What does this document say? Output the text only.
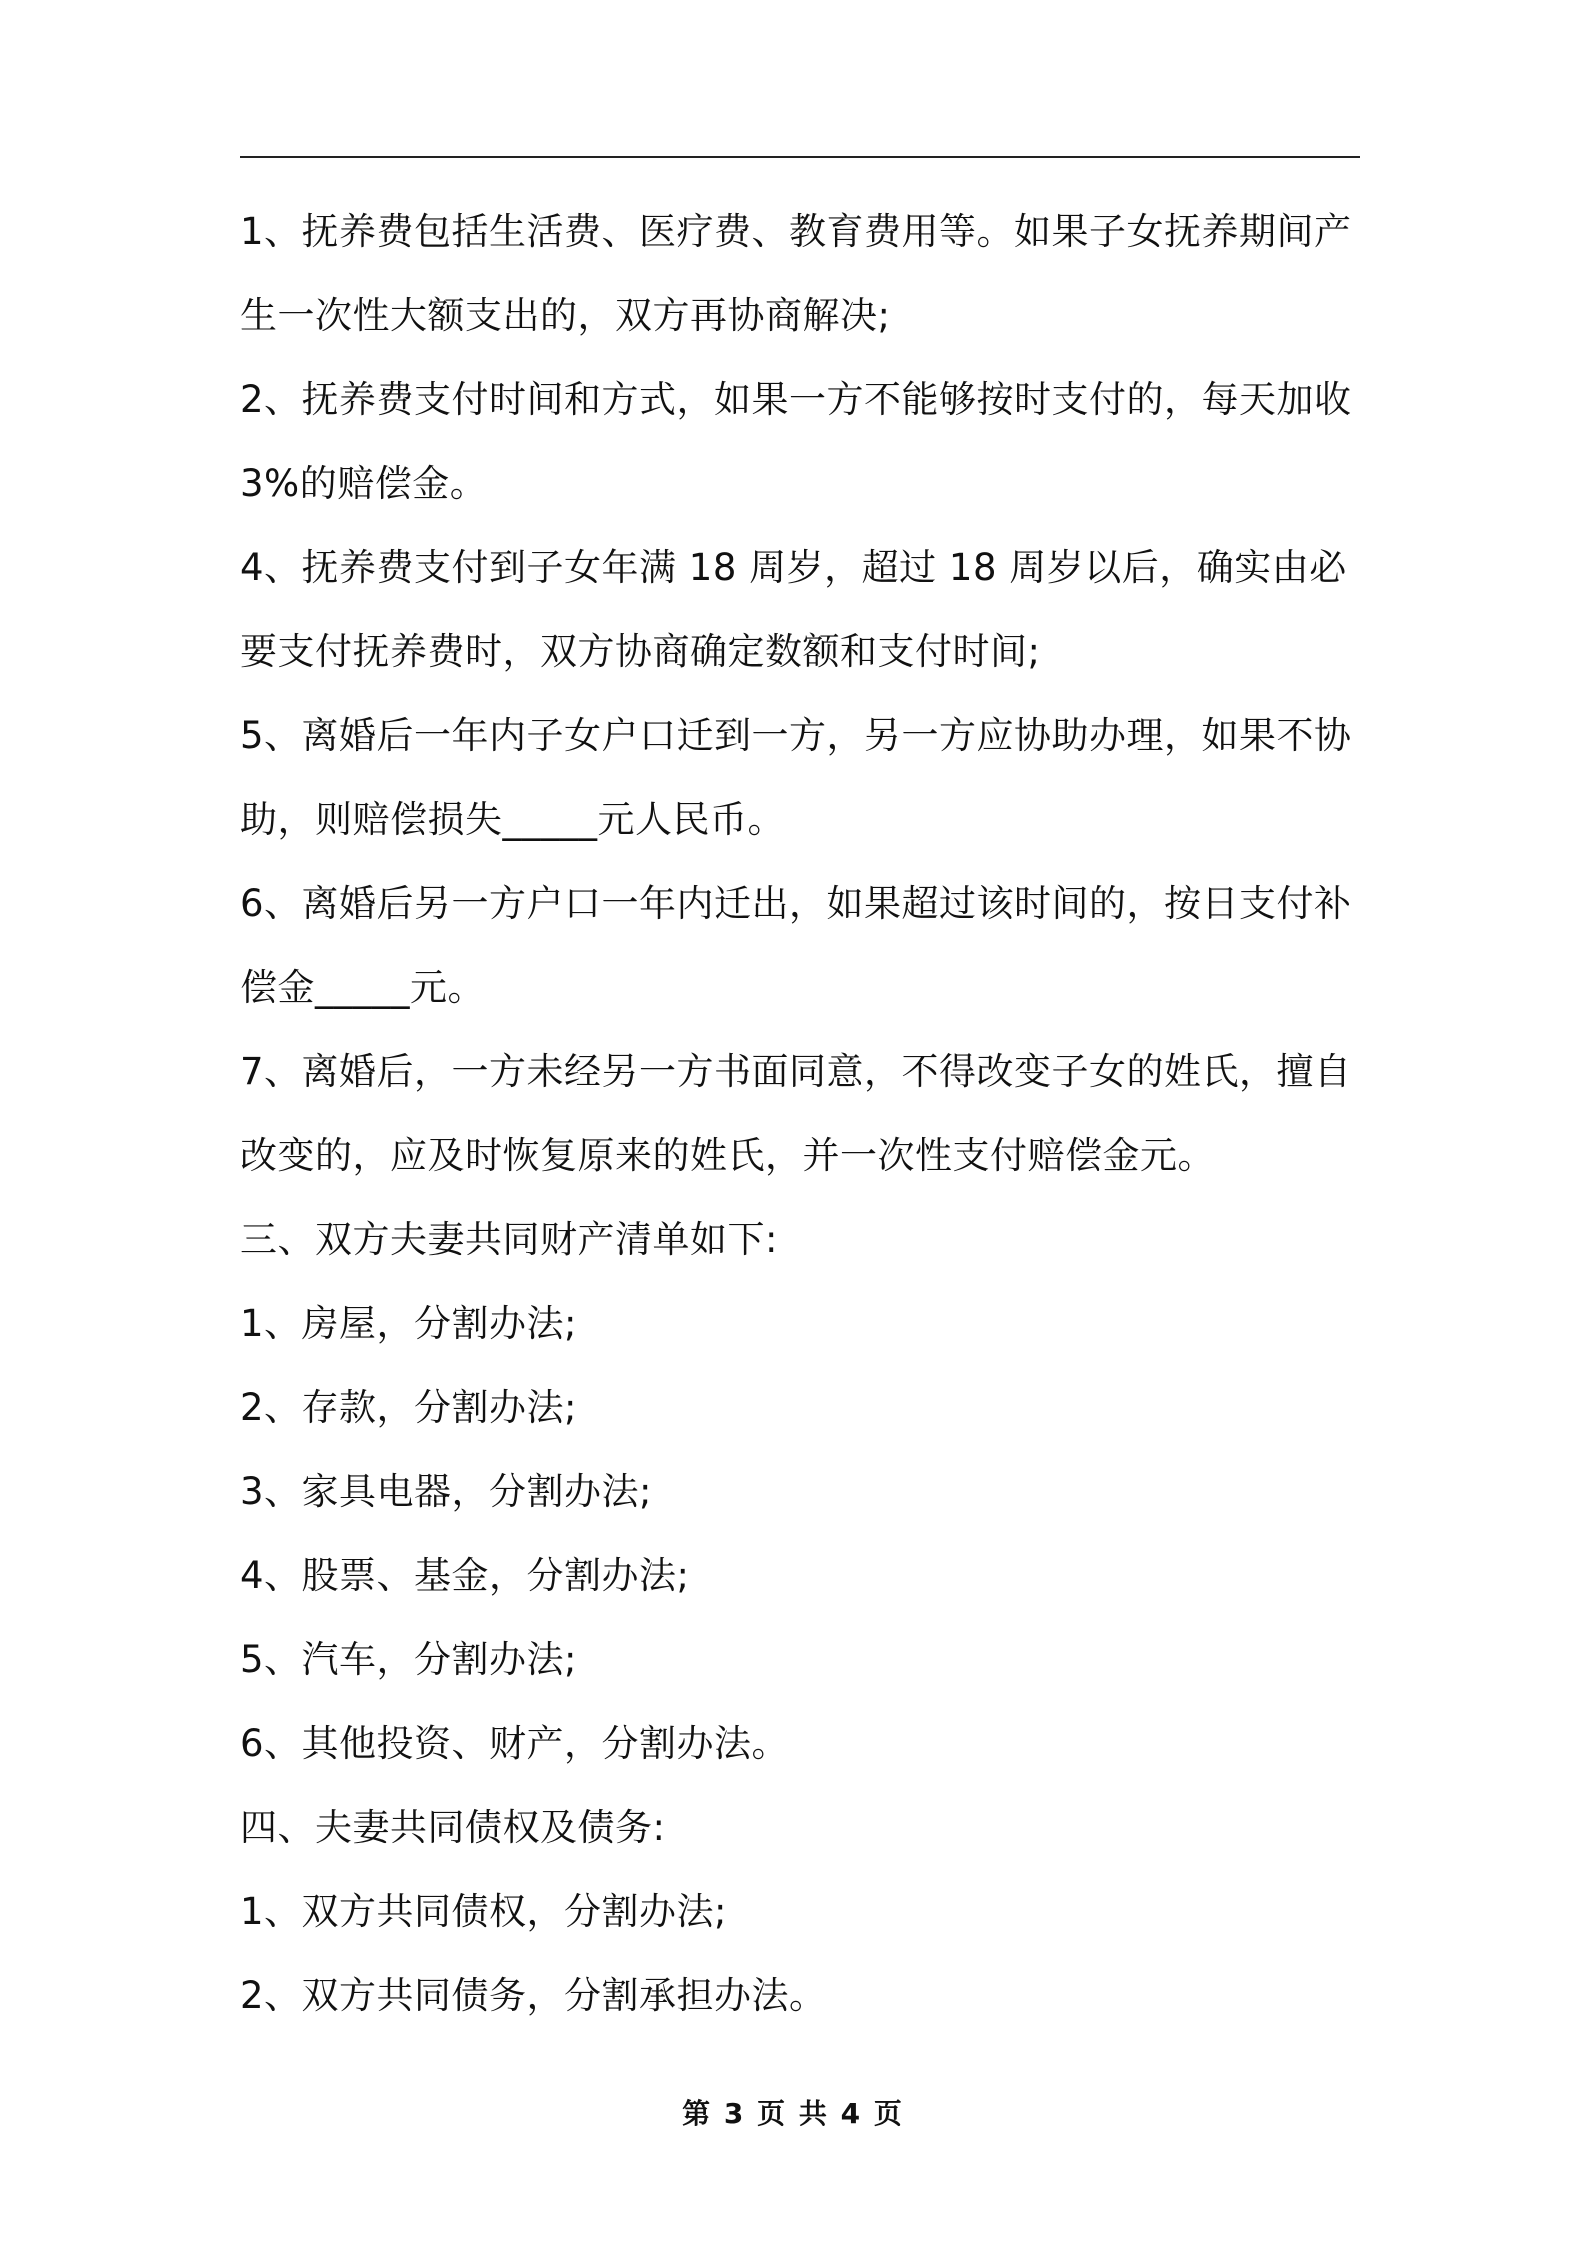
1、抚养费包括生活费、医疗费、教育费用等。如果子女抚养期间产生一次性大额支出的，双方再协商解决;

2、抚养费支付时间和方式，如果一方不能够按时支付的，每天加收3%的赔偿金。

4、抚养费支付到子女年满 18 周岁，超过 18 周岁以后，确实由必要支付抚养费时，双方协商确定数额和支付时间;

5、离婚后一年内子女户口迁到一方，另一方应协助办理，如果不协助，则赔偿损失_____元人民币。

6、离婚后另一方户口一年内迁出，如果超过该时间的，按日支付补偿金_____元。

7、离婚后，一方未经另一方书面同意，不得改变子女的姓氏，擅自改变的，应及时恢复原来的姓氏，并一次性支付赔偿金元。

三、双方夫妻共同财产清单如下:

1、房屋，分割办法;

2、存款，分割办法;

3、家具电器，分割办法;

4、股票、基金，分割办法;

5、汽车，分割办法;

6、其他投资、财产，分割办法。

四、夫妻共同债权及债务:

1、双方共同债权，分割办法;

2、双方共同债务，分割承担办法。

第 3 页 共 4 页
